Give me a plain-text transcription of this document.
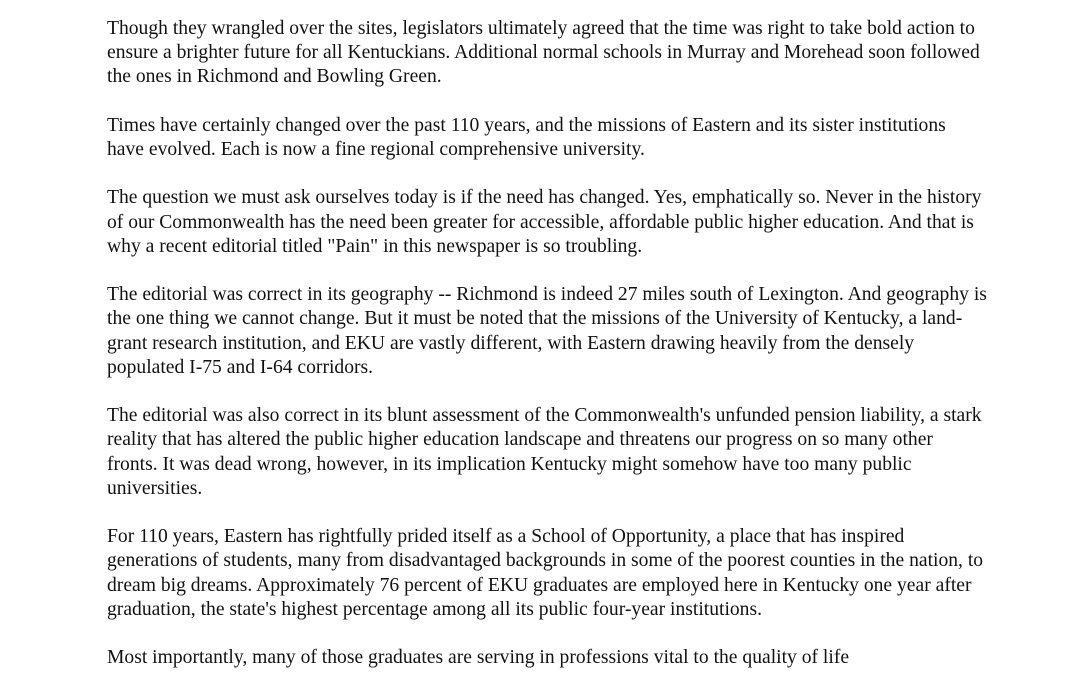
Though they wrangled over the sites, legislators ultimately agreed that the time was right to take bold action to ensure a brighter future for all Kentuckians. Additional normal schools in Murray and Morehead soon followed the ones in Richmond and Bowling Green.

Times have certainly changed over the past 110 years, and the missions of Eastern and its sister institutions have evolved. Each is now a fine regional comprehensive university.

The question we must ask ourselves today is if the need has changed. Yes, emphatically so. Never in the history of our Commonwealth has the need been greater for accessible, affordable public higher education. And that is why a recent editorial titled "Pain" in this newspaper is so troubling.

The editorial was correct in its geography -- Richmond is indeed 27 miles south of Lexington. And geography is the one thing we cannot change. But it must be noted that the missions of the University of Kentucky, a land-grant research institution, and EKU are vastly different, with Eastern drawing heavily from the densely populated I-75 and I-64 corridors.

The editorial was also correct in its blunt assessment of the Commonwealth's unfunded pension liability, a stark reality that has altered the public higher education landscape and threatens our progress on so many other fronts. It was dead wrong, however, in its implication Kentucky might somehow have too many public universities.

For 110 years, Eastern has rightfully prided itself as a School of Opportunity, a place that has inspired generations of students, many from disadvantaged backgrounds in some of the poorest counties in the nation, to dream big dreams. Approximately 76 percent of EKU graduates are employed here in Kentucky one year after graduation, the state's highest percentage among all its public four-year institutions.

Most importantly, many of those graduates are serving in professions vital to the quality of life
